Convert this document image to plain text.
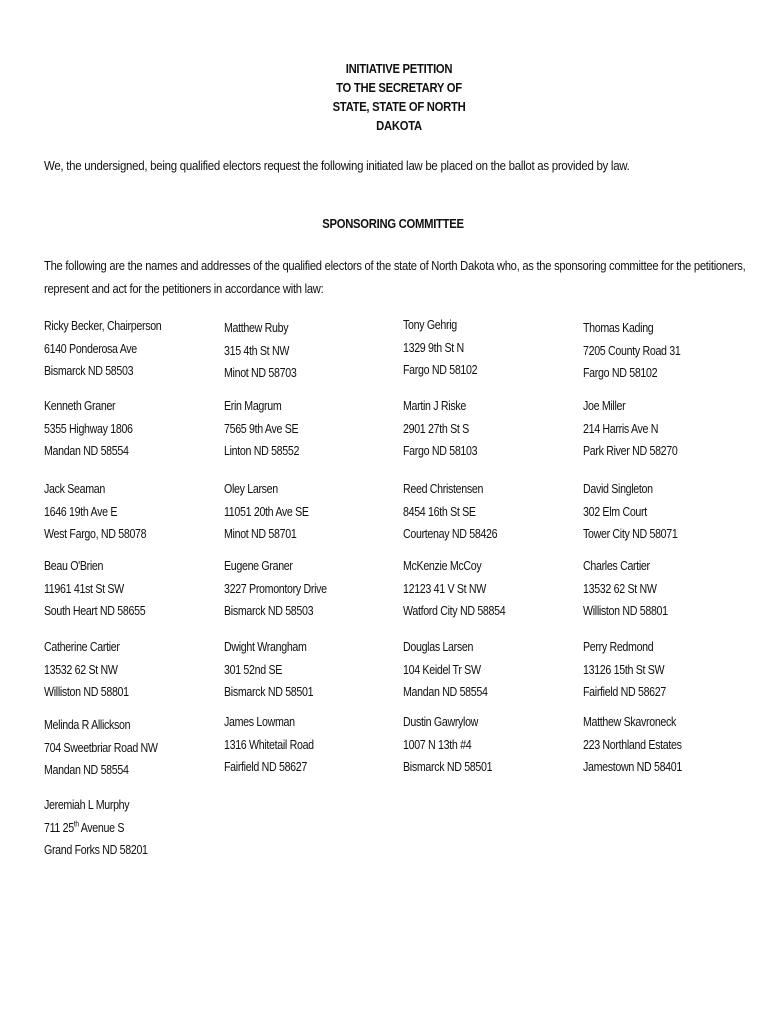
INITIATIVE PETITION
TO THE SECRETARY OF
STATE, STATE OF NORTH
DAKOTA
We, the undersigned, being qualified electors request the following initiated law be placed on the ballot as provided by law.
SPONSORING COMMITTEE
The following are the names and addresses of the qualified electors of the state of North Dakota who, as the sponsoring committee for the petitioners,
represent and act for the petitioners in accordance with law:
Ricky Becker, Chairperson
6140 Ponderosa Ave
Bismarck ND 58503
Matthew Ruby
315 4th St NW
Minot ND 58703
Tony Gehrig
1329 9th St N
Fargo ND 58102
Thomas Kading
7205 County Road 31
Fargo ND 58102
Kenneth Graner
5355 Highway 1806
Mandan ND 58554
Erin Magrum
7565 9th Ave SE
Linton ND 58552
Martin J Riske
2901 27th St S
Fargo ND 58103
Joe Miller
214 Harris Ave N
Park River ND 58270
Jack Seaman
1646 19th Ave E
West Fargo, ND 58078
Oley Larsen
11051 20th Ave SE
Minot ND 58701
Reed Christensen
8454 16th St SE
Courtenay ND 58426
David Singleton
302 Elm Court
Tower City ND 58071
Beau O'Brien
11961 41st St SW
South Heart ND 58655
Eugene Graner
3227 Promontory Drive
Bismarck ND 58503
McKenzie McCoy
12123 41 V St NW
Watford City ND 58854
Charles Cartier
13532 62 St NW
Williston ND 58801
Catherine Cartier
13532 62 St NW
Williston ND 58801
Dwight Wrangham
301 52nd SE
Bismarck ND 58501
Douglas Larsen
104 Keidel Tr SW
Mandan ND 58554
Perry Redmond
13126 15th St SW
Fairfield ND 58627
Melinda R Allickson
704 Sweetbriar Road NW
Mandan ND 58554
James Lowman
1316 Whitetail Road
Fairfield ND 58627
Dustin Gawrylow
1007 N 13th #4
Bismarck ND 58501
Matthew Skavroneck
223 Northland Estates
Jamestown ND 58401
Jeremiah L Murphy
711 25th Avenue S
Grand Forks ND 58201
